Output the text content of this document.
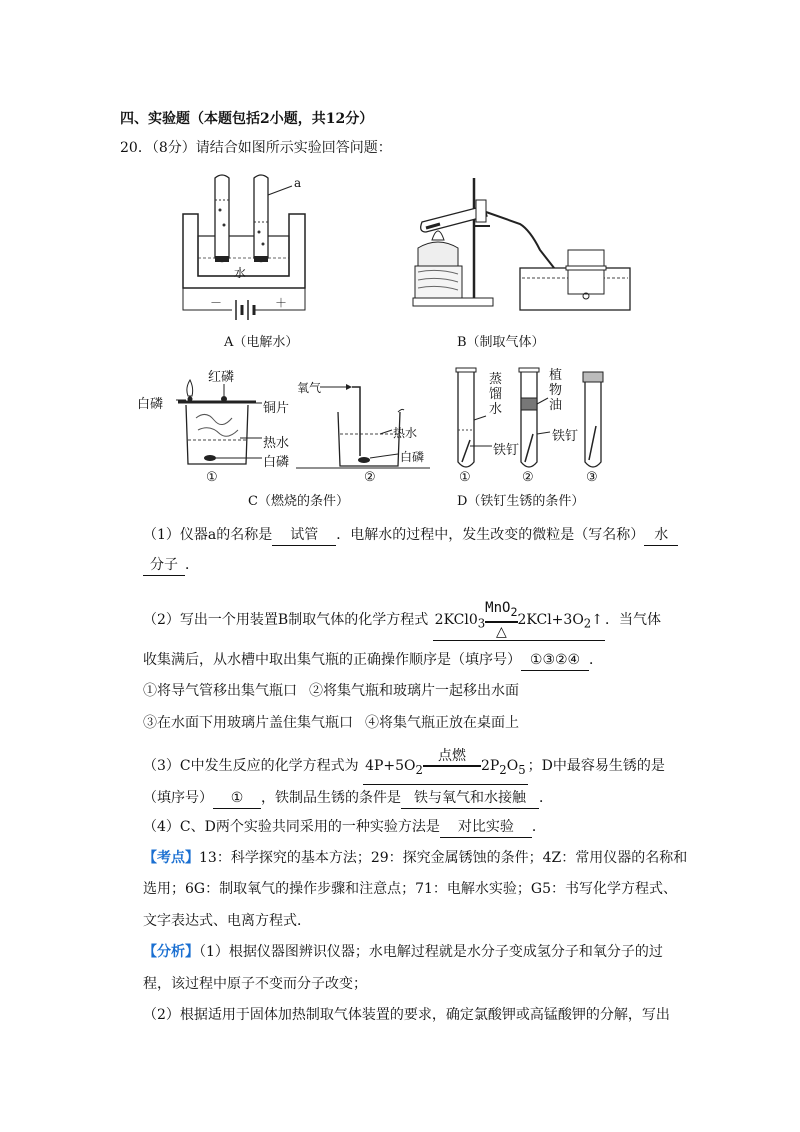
四、实验题（本题包括2小题，共12分）
20．（8分）请结合如图所示实验回答问题：
a
水
－	＋
A（电解水）	B（制取气体）
白磷
红磷
铜片
热水
白磷
氧气
热水
白磷
①	②
C（燃烧的条件）
蒸馏水
植物油
铁钉
铁钉
①	②	③
D（铁钉生锈的条件）
（1）仪器a的名称是 试管 ．电解水的过程中，发生改变的微粒是（写名称） 水
分子 ．
（2）写出一个用装置B制取气体的化学方程式 $2KCl0_3 \frac{MnO_2}{\triangle}$ $2KCl+3O_2↑$ ．当气体
收集满后，从水槽中取出集气瓶的正确操作顺序是（填序号） ①③②④ ．
①将导气管移出集气瓶口 ②将集气瓶和玻璃片一起移出水面
③在水面下用玻璃片盖住集气瓶口 ④将集气瓶正放在桌面上
（3）C中发生反应的化学方程式为 $4P+5O_2$
点燃

$2P_2O_5$ ；D中最容易生锈的是
（填序号） ① ，铁制品生锈的条件是 铁与氧气和水接触 ．
（4）C、D两个实验共同采用的一种实验方法是 对比实验 ．
【考点】13：科学探究的基本方法；29：探究金属锈蚀的条件；4Z：常用仪器的名称和
选用；6G：制取氧气的操作步骤和注意点；71：电解水实验；G5：书写化学方程式、
文字表达式、电离方程式．
【分析】（1）根据仪器图辨识仪器；水电解过程就是水分子变成氢分子和氧分子的过
程，该过程中原子不变而分子改变；
（2）根据适用于固体加热制取气体装置的要求，确定氯酸钾或高锰酸钾的分解，写出
